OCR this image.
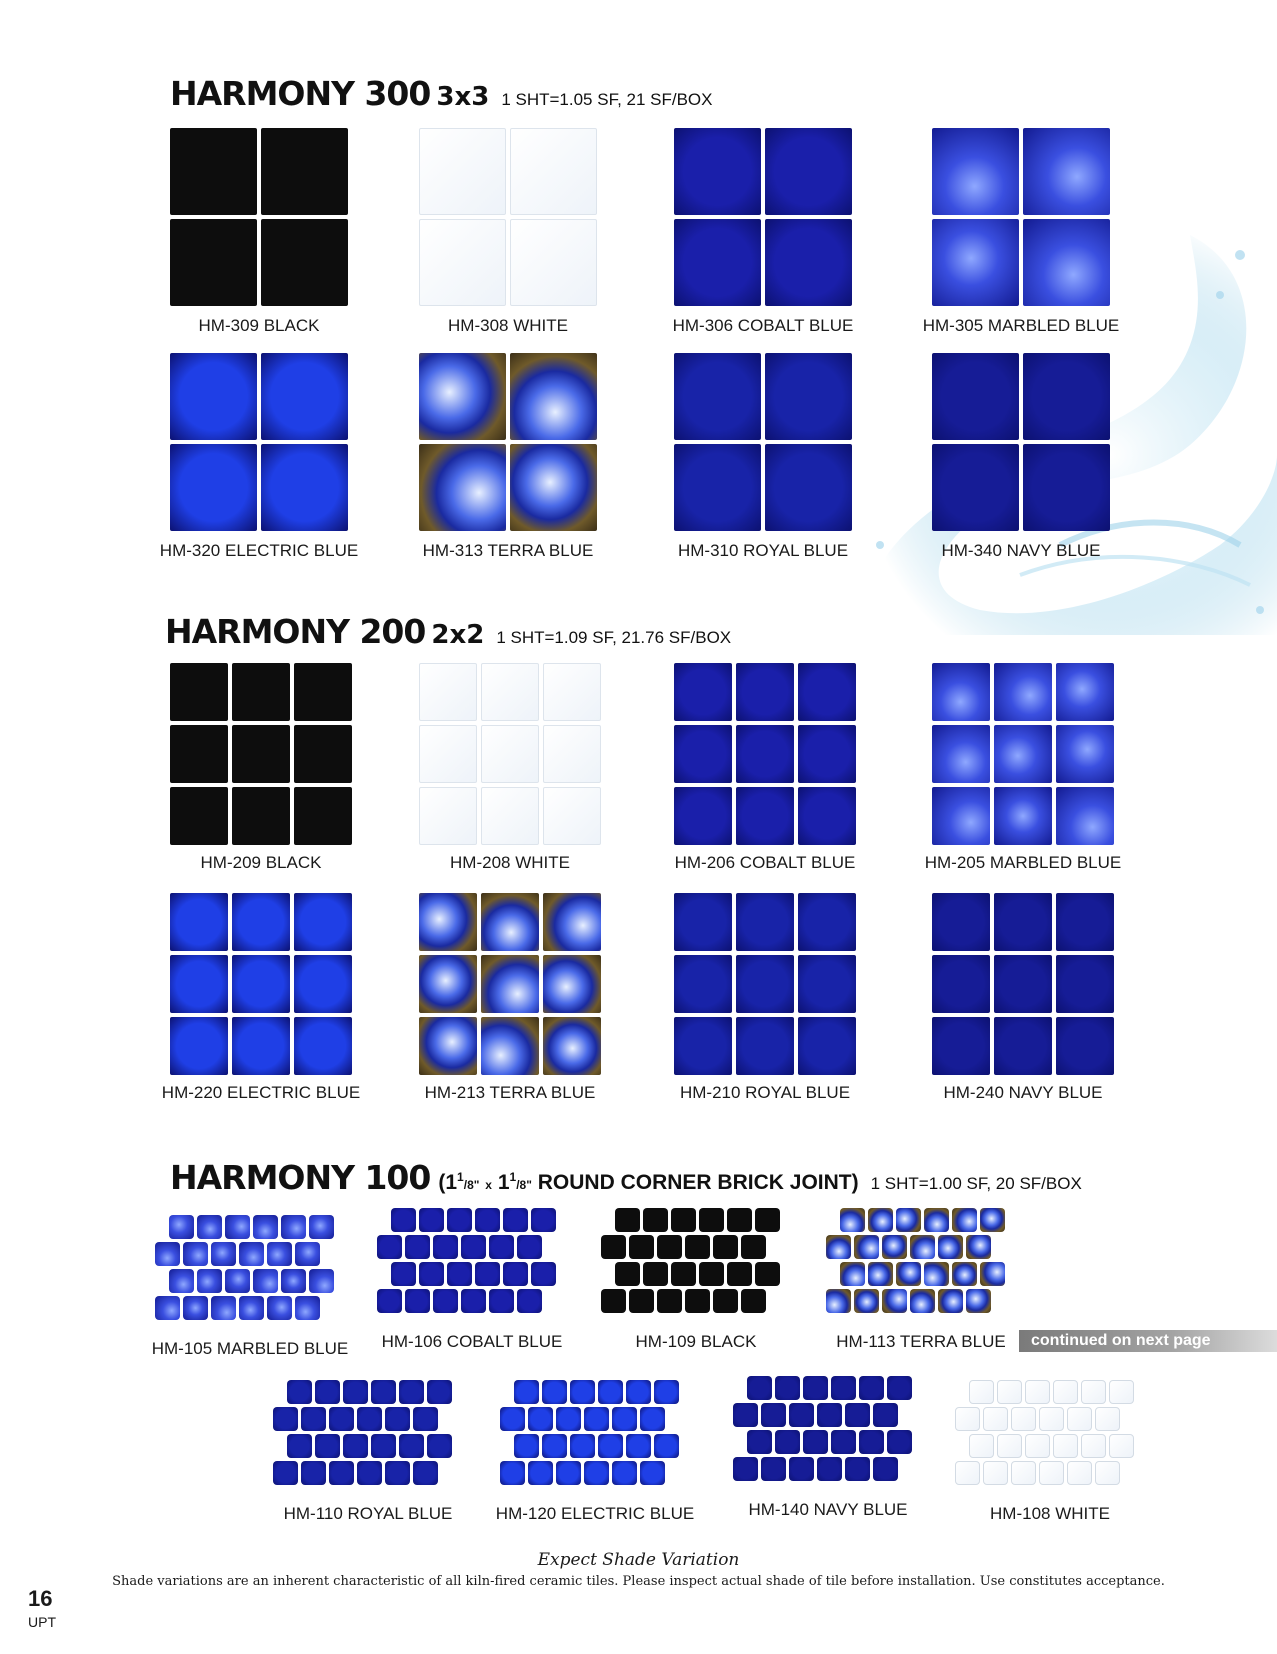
HARMONY 300 3x3 1 SHT=1.05 SF, 21 SF/BOX
HARMONY 200 2x2 1 SHT=1.09 SF, 21.76 SF/BOX
HARMONY 100 ($1^1/8$" x $1^1/8$" ROUND CORNER BRICK JOINT) 1 SHT=1.00 SF, 20 SF/BOX
HM-309 BLACK	HM-308 WHITE	HM-306 COBALT BLUE	HM-305 MARBLED BLUE
HM-320 ELECTRIC BLUE	HM-313 TERRA BLUE	HM-310 ROYAL BLUE	HM-340 NAVY BLUE
HM-209 BLACK	HM-208 WHITE	HM-206 COBALT BLUE	HM-205 MARBLED BLUE
HM-220 ELECTRIC BLUE	HM-213 TERRA BLUE	HM-210 ROYAL BLUE	HM-240 NAVY BLUE
HM-105 MARBLED BLUE	HM-106 COBALT BLUE	HM-109 BLACK	HM-113 TERRA BLUE
HM-110 ROYAL BLUE	HM-120 ELECTRIC BLUE	HM-140 NAVY BLUE	HM-108 WHITE
continued on next page
Expect Shade Variation
Shade variations are an inherent characteristic of all kiln-fired ceramic tiles. Please inspect actual shade of tile before installation. Use constitutes acceptance.
16
UPT
